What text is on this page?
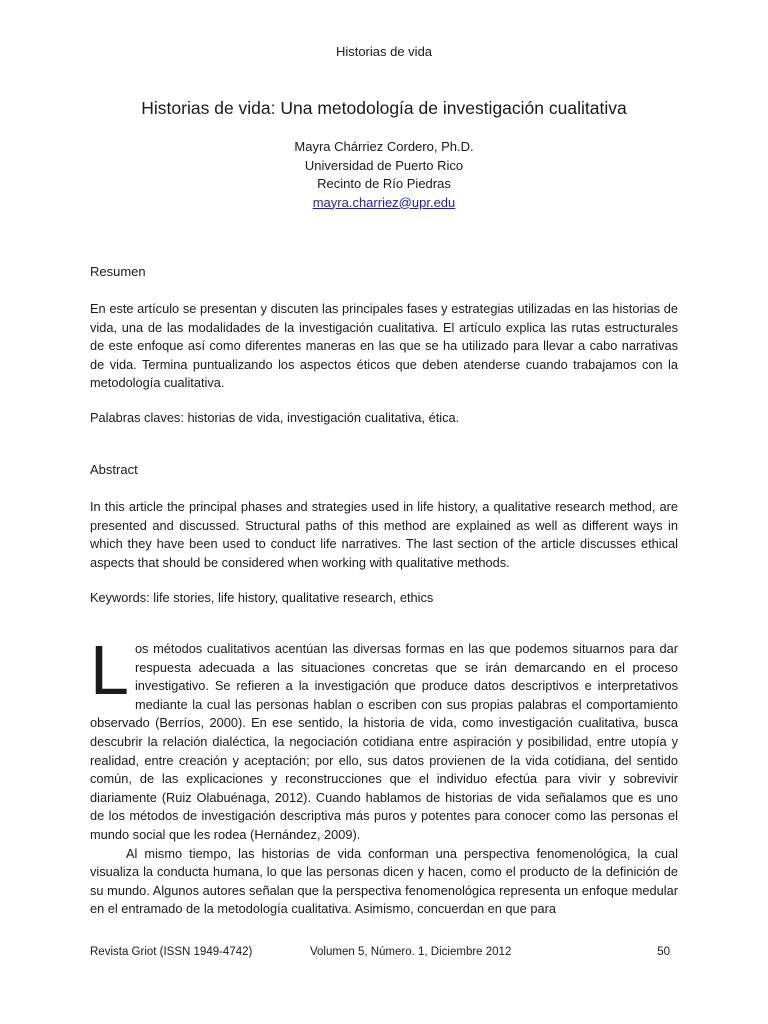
Historias de vida
Historias de vida: Una metodología de investigación cualitativa
Mayra Chárriez Cordero, Ph.D.
Universidad de Puerto Rico
Recinto de Río Piedras
mayra.charriez@upr.edu
Resumen

En este artículo se presentan y discuten las principales fases y estrategias utilizadas en las historias de vida, una de las modalidades de la investigación cualitativa. El artículo explica las rutas estructurales de este enfoque así como diferentes maneras en las que se ha utilizado para llevar a cabo narrativas de vida. Termina puntualizando los aspectos éticos que deben atenderse cuando trabajamos con la metodología cualitativa.

Palabras claves: historias de vida, investigación cualitativa, ética.

Abstract

In this article the principal phases and strategies used in life history, a qualitative research method, are presented and discussed. Structural paths of this method are explained as well as different ways in which they have been used to conduct life narratives. The last section of the article discusses ethical aspects that should be considered when working with qualitative methods.

Keywords: life stories, life history, qualitative research, ethics

Los métodos cualitativos acentúan las diversas formas en las que podemos situarnos para dar respuesta adecuada a las situaciones concretas que se irán demarcando en el proceso investigativo. Se refieren a la investigación que produce datos descriptivos e interpretativos mediante la cual las personas hablan o escriben con sus propias palabras el comportamiento observado (Berríos, 2000). En ese sentido, la historia de vida, como investigación cualitativa, busca descubrir la relación dialéctica, la negociación cotidiana entre aspiración y posibilidad, entre utopía y realidad, entre creación y aceptación; por ello, sus datos provienen de la vida cotidiana, del sentido común, de las explicaciones y reconstrucciones que el individuo efectúa para vivir y sobrevivir diariamente (Ruiz Olabuénaga, 2012). Cuando hablamos de historias de vida señalamos que es uno de los métodos de investigación descriptiva más puros y potentes para conocer como las personas el mundo social que les rodea (Hernández, 2009).

Al mismo tiempo, las historias de vida conforman una perspectiva fenomenológica, la cual visualiza la conducta humana, lo que las personas dicen y hacen, como el producto de la definición de su mundo. Algunos autores señalan que la perspectiva fenomenológica representa un enfoque medular en el entramado de la metodología cualitativa. Asimismo, concuerdan en que para

Revista Griot (ISSN 1949-4742)	Volumen 5, Número. 1, Diciembre 2012	50
